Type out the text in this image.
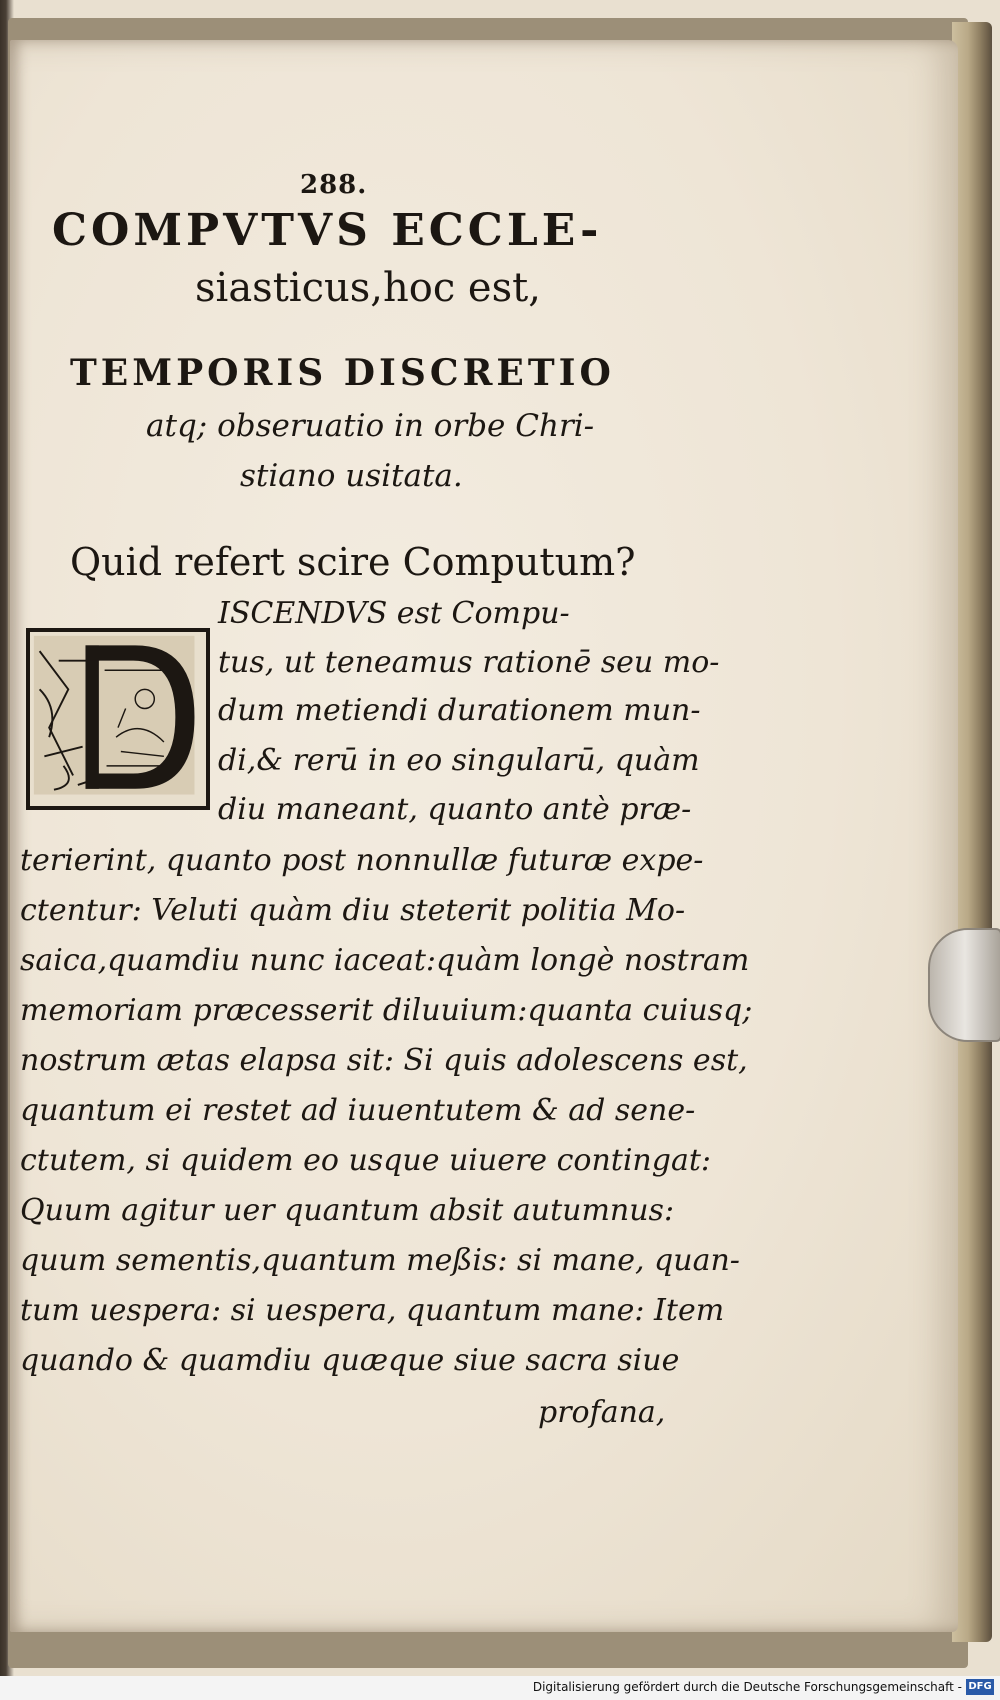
288.
COMPVTVS ECCLE-
siasticus,hoc est,
TEMPORIS DISCRETIO
atq; obseruatio in orbe Chri-
stiano usitata.
Quid refert scire Computum?
ISCENDVS est Compu-
tus, ut teneamus rationē seu mo-
dum metiendi durationem mun-
di,& rerū in eo singularū, quàm
diu maneant, quanto antè præ-
terierint, quanto post nonnullæ futuræ expe-
ctentur: Veluti quàm diu steterit politia Mo-
saica,quamdiu nunc iaceat:quàm longè nostram
memoriam præcesserit diluuium:quanta cuiusq;
nostrum ætas elapsa sit: Si quis adolescens est,
quantum ei restet ad iuuentutem & ad sene-
ctutem, si quidem eo usque uiuere contingat:
Quum agitur uer quantum absit autumnus:
quum sementis,quantum meßis: si mane, quan-
tum uespera: si uespera, quantum mane: Item
quando & quamdiu quæque siue sacra siue
profana,
Digitalisierung gefördert durch die Deutsche Forschungsgemeinschaft - DFG
